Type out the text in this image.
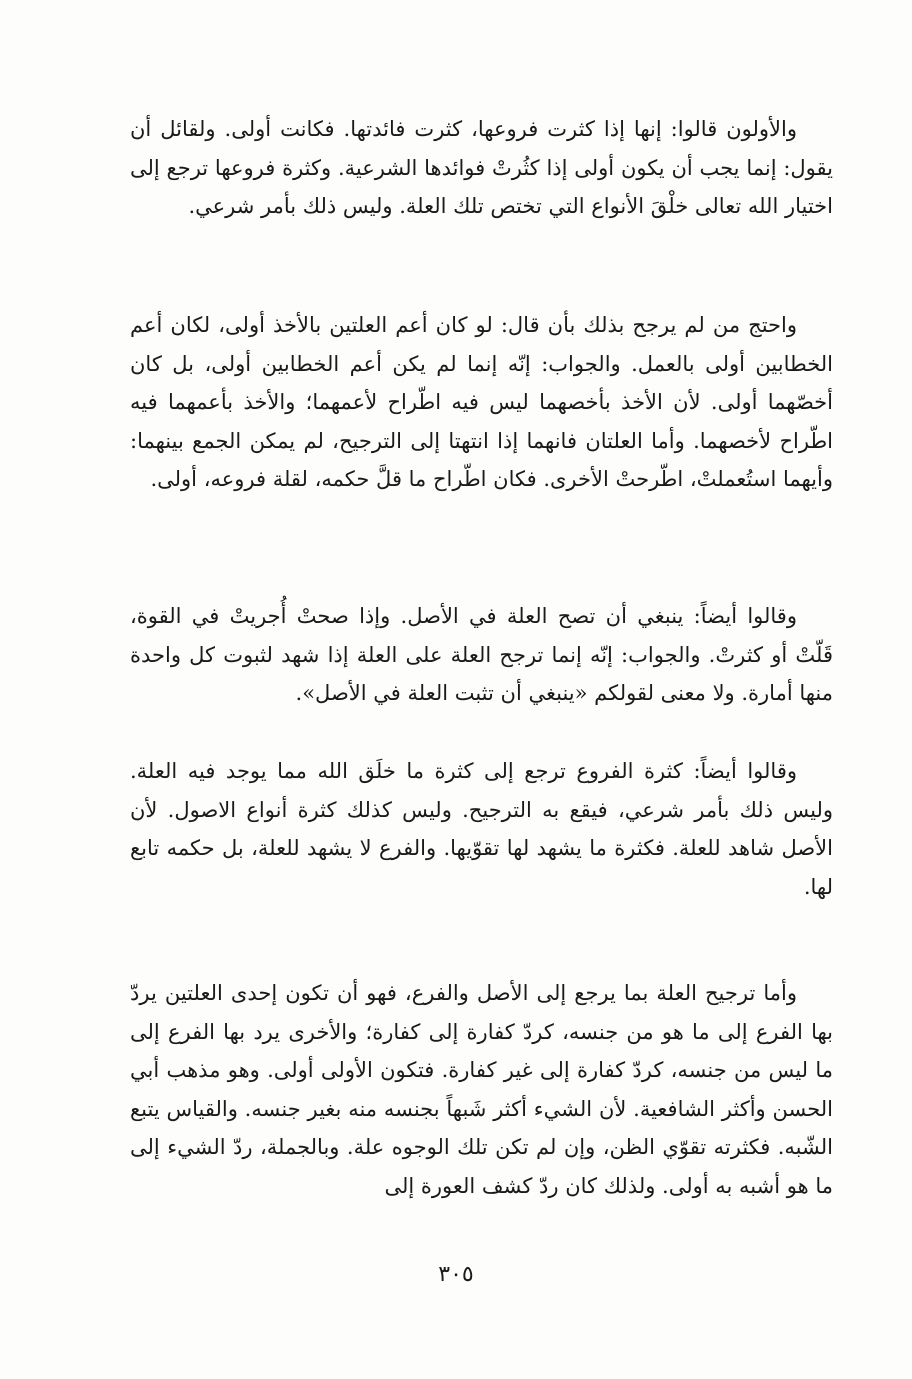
والأولون قالوا: إنها إذا كثرت فروعها، كثرت فائدتها. فكانت أولى. ولقائل أن يقول: إنما يجب أن يكون أولى إذا كثُرتْ فوائدها الشرعية. وكثرة فروعها ترجع إلى اختيار الله تعالى خلْقَ الأنواع التي تختص تلك العلة. وليس ذلك بأمر شرعي.

واحتج من لم يرجح بذلك بأن قال: لو كان أعم العلتين بالأخذ أولى، لكان أعم الخطابين أولى بالعمل. والجواب: إنّه إنما لم يكن أعم الخطابين أولى، بل كان أخصّهما أولى. لأن الأخذ بأخصهما ليس فيه اطّراح لأعمهما؛ والأخذ بأعمهما فيه اطّراح لأخصهما. وأما العلتان فانهما إذا انتهتا إلى الترجيح، لم يمكن الجمع بينهما: وأيهما استُعملتْ، اطّرحتْ الأخرى. فكان اطّراح ما قلَّ حكمه، لقلة فروعه، أولى.

وقالوا أيضاً: ينبغي أن تصح العلة في الأصل. وإذا صحتْ أُجريتْ في القوة، قَلّتْ أو كثرتْ. والجواب: إنّه إنما ترجح العلة على العلة إذا شهد لثبوت كل واحدة منها أمارة. ولا معنى لقولكم «ينبغي أن تثبت العلة في الأصل».

وقالوا أيضاً: كثرة الفروع ترجع إلى كثرة ما خلَق الله مما يوجد فيه العلة. وليس ذلك بأمر شرعي، فيقع به الترجيح. وليس كذلك كثرة أنواع الاصول. لأن الأصل شاهد للعلة. فكثرة ما يشهد لها تقوّيها. والفرع لا يشهد للعلة، بل حكمه تابع لها.

وأما ترجيح العلة بما يرجع إلى الأصل والفرع، فهو أن تكون إحدى العلتين يردّ بها الفرع إلى ما هو من جنسه، كردّ كفارة إلى كفارة؛ والأخرى يرد بها الفرع إلى ما ليس من جنسه، كردّ كفارة إلى غير كفارة. فتكون الأولى أولى. وهو مذهب أبي الحسن وأكثر الشافعية. لأن الشيء أكثر شَبهاً بجنسه منه بغير جنسه. والقياس يتبع الشّبه. فكثرته تقوّي الظن، وإن لم تكن تلك الوجوه علة. وبالجملة، ردّ الشيء إلى ما هو أشبه به أولى. ولذلك كان ردّ كشف العورة إلى

٣٠٥
